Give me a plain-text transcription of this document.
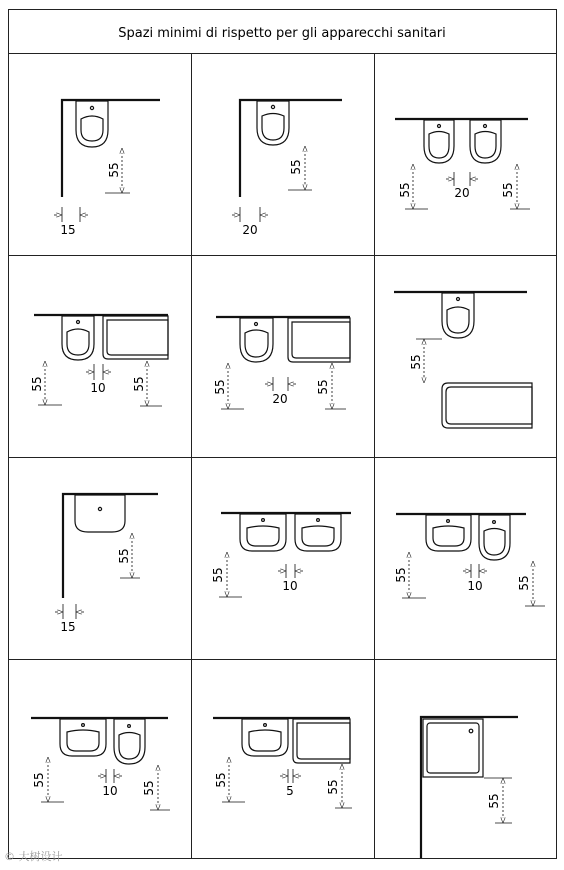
Spazi minimi di rispetto per gli apparecchi sanitari
15
55
20
55
55	20	55
55	10 55	55
20
55
55
15
55
55
10
55
10	55
55
10 55
55
5	55
55
© 大树设计
